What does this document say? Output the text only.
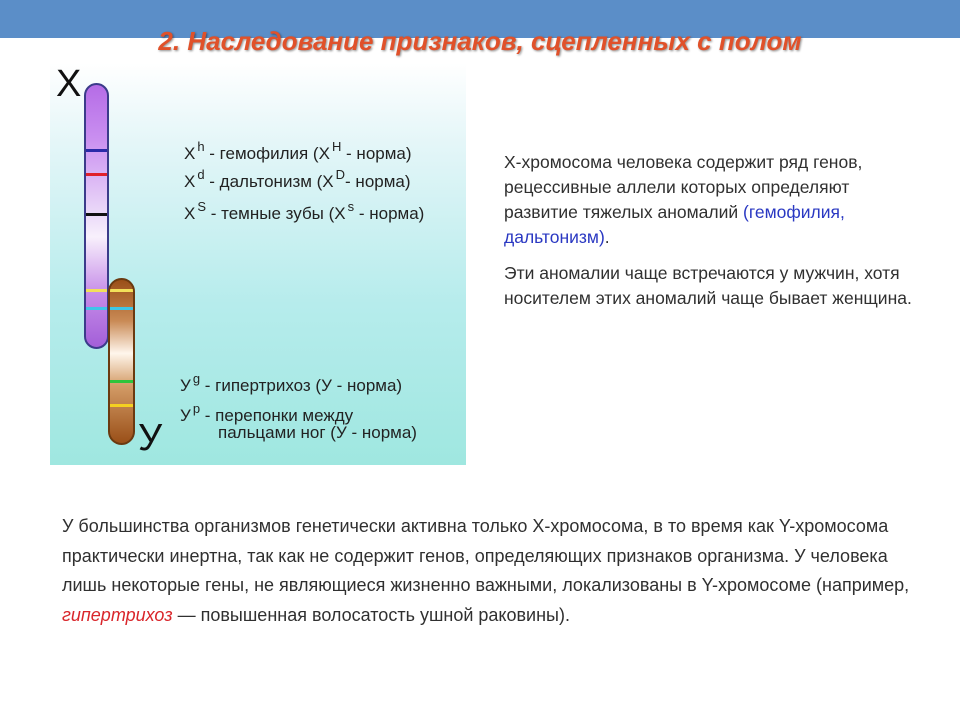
2. Наследование признаков, сцепленных с полом
X
У
X $^h$ - гемофилия (X $^H$ - норма)
X $^d$ - дальтонизм (X $^D$- норма)
X $^S$ - темные зубы (X $^s$ - норма)
У $^g$ - гипертрихоз (У - норма)
У $^p$ - перепонки между
пальцами ног (У - норма)

X-хромосома человека содержит ряд генов, рецессивные аллели которых определяют развитие тяжелых аномалий (гемофилия, дальтонизм).

Эти аномалии чаще встречаются у мужчин, хотя носителем этих аномалий чаще бывает женщина.

У большинства организмов генетически активна только Х-хромосома, в то время как Y-хромосома практически инертна, так как не содержит генов, определяющих признаков организма. У человека лишь некоторые гены, не являющиеся жизненно важными, локализованы в Y-хромосоме (например, гипертрихоз — повышенная волосатость ушной раковины).
